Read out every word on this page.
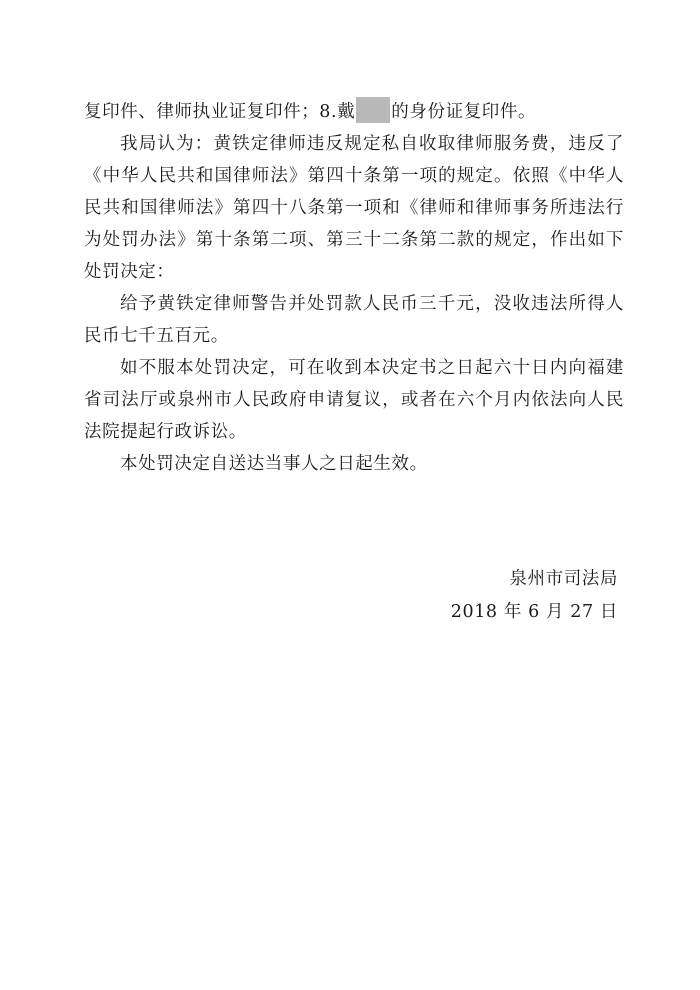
复印件、律师执业证复印件；8.戴 的身份证复印件。

我局认为：黄铁定律师违反规定私自收取律师服务费，违反了《中华人民共和国律师法》第四十条第一项的规定。依照《中华人民共和国律师法》第四十八条第一项和《律师和律师事务所违法行为处罚办法》第十条第二项、第三十二条第二款的规定，作出如下处罚决定：

给予黄铁定律师警告并处罚款人民币三千元，没收违法所得人民币七千五百元。

如不服本处罚决定，可在收到本决定书之日起六十日内向福建省司法厅或泉州市人民政府申请复议，或者在六个月内依法向人民法院提起行政诉讼。

本处罚决定自送达当事人之日起生效。

泉州市司法局
2018 年 6 月 27 日
